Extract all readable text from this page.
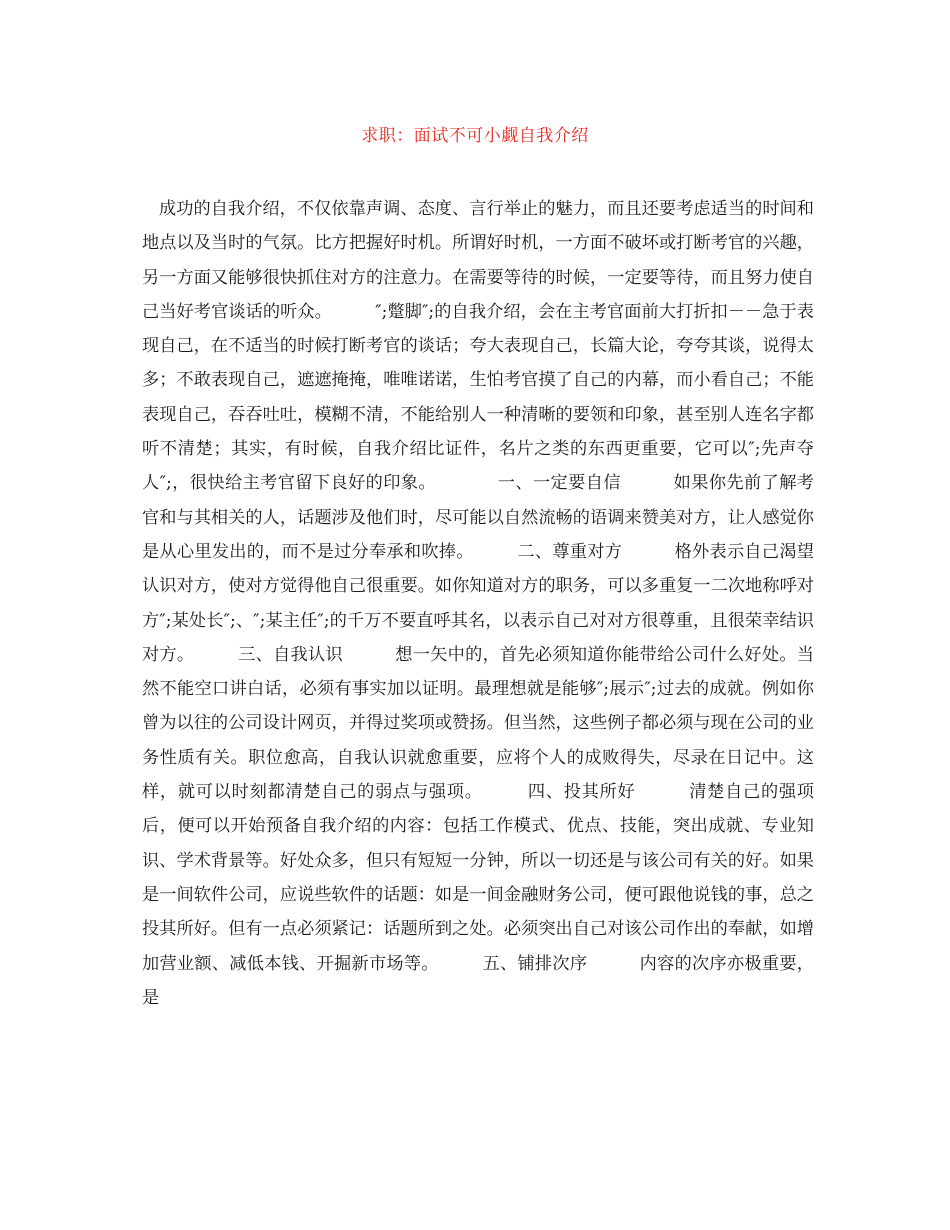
求职：面试不可小觑自我介绍

成功的自我介绍，不仅依靠声调、态度、言行举止的魅力，而且还要考虑适当的时间和地点以及当时的气氛。比方把握好时机。所谓好时机，一方面不破坏或打断考官的兴趣，另一方面又能够很快抓住对方的注意力。在需要等待的时候，一定要等待，而且努力使自己当好考官谈话的听众。　　　″;蹩脚″;的自我介绍，会在主考官面前大打折扣－－急于表现自己，在不适当的时候打断考官的谈话；夸大表现自己，长篇大论，夸夸其谈，说得太多；不敢表现自己，遮遮掩掩，唯唯诺诺，生怕考官摸了自己的内幕，而小看自己；不能表现自己，吞吞吐吐，模糊不清，不能给别人一种清晰的要领和印象，甚至别人连名字都听不清楚；其实，有时候，自我介绍比证件，名片之类的东西更重要，它可以″;先声夺人″;，很快给主考官留下良好的印象。　　　　一、一定要自信　　　如果你先前了解考官和与其相关的人，话题涉及他们时，尽可能以自然流畅的语调来赞美对方，让人感觉你是从心里发出的，而不是过分奉承和吹捧。　　　二、尊重对方　　　格外表示自己渴望认识对方，使对方觉得他自己很重要。如你知道对方的职务，可以多重复一二次地称呼对方″;某处长″;、″;某主任″;的千万不要直呼其名，以表示自己对对方很尊重，且很荣幸结识对方。　　　三、自我认识　　　想一矢中的，首先必须知道你能带给公司什么好处。当然不能空口讲白话，必须有事实加以证明。最理想就是能够″;展示″;过去的成就。例如你曾为以往的公司设计网页，并得过奖项或赞扬。但当然，这些例子都必须与现在公司的业务性质有关。职位愈高，自我认识就愈重要，应将个人的成败得失，尽录在日记中。这样，就可以时刻都清楚自己的弱点与强项。　　　四、投其所好　　　清楚自己的强项后，便可以开始预备自我介绍的内容：包括工作模式、优点、技能，突出成就、专业知识、学术背景等。好处众多，但只有短短一分钟，所以一切还是与该公司有关的好。如果是一间软件公司，应说些软件的话题：如是一间金融财务公司，便可跟他说钱的事，总之投其所好。但有一点必须紧记：话题所到之处。必须突出自己对该公司作出的奉献，如增加营业额、减低本钱、开掘新市场等。　　　五、铺排次序　　　内容的次序亦极重要，是
